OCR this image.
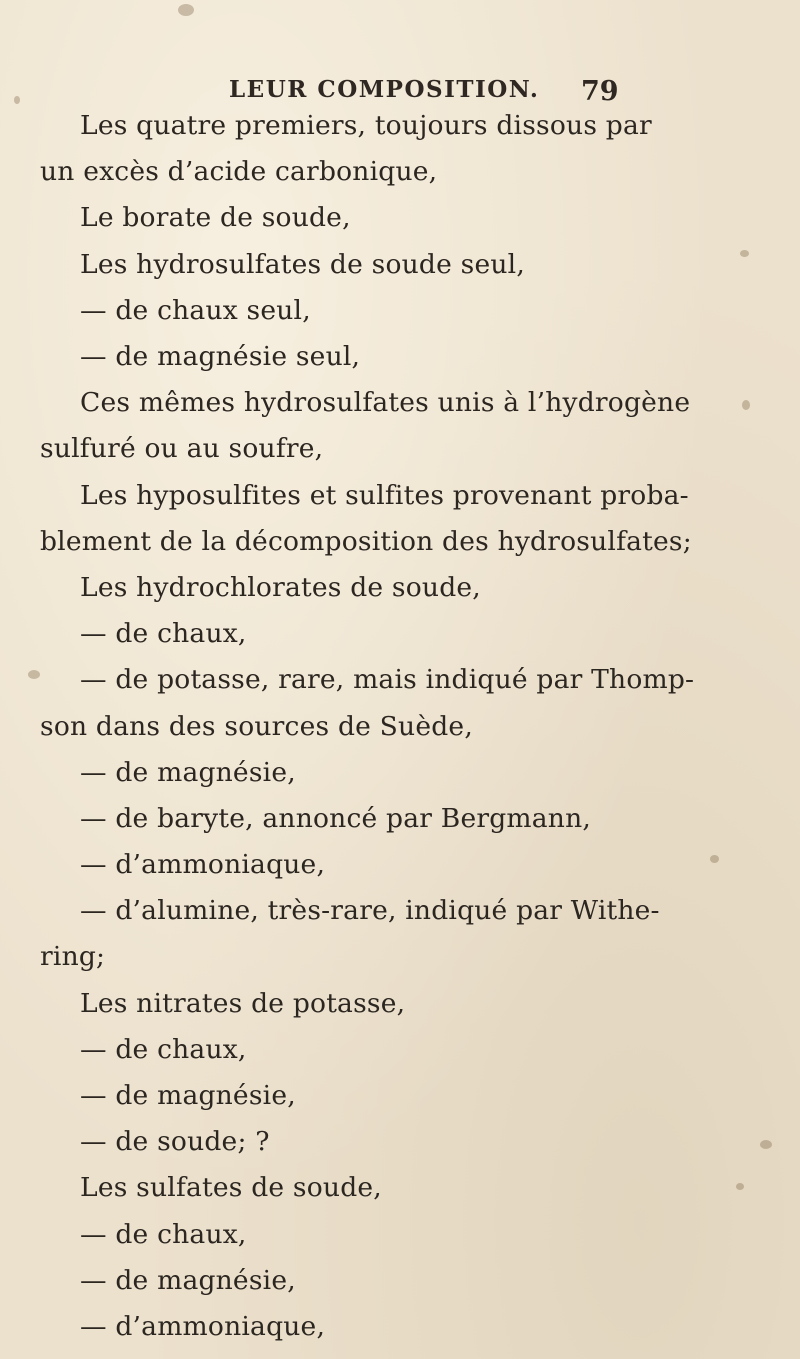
LEUR COMPOSITION. 79
Les quatre premiers, toujours dissous par
un excès d’acide carbonique,
Le borate de soude,
Les hydrosulfates de soude seul,
— de chaux seul,
— de magnésie seul,
Ces mêmes hydrosulfates unis à l’hydrogène
sulfuré ou au soufre,
Les hyposulfites et sulfites provenant proba-
blement de la décomposition des hydrosulfates;
Les hydrochlorates de soude,
— de chaux,
— de potasse, rare, mais indiqué par Thomp-
son dans des sources de Suède,
— de magnésie,
— de baryte, annoncé par Bergmann,
— d’ammoniaque,
— d’alumine, très-rare, indiqué par Withe-
ring;
Les nitrates de potasse,
— de chaux,
— de magnésie,
— de soude; ?
Les sulfates de soude,
— de chaux,
— de magnésie,
— d’ammoniaque,
